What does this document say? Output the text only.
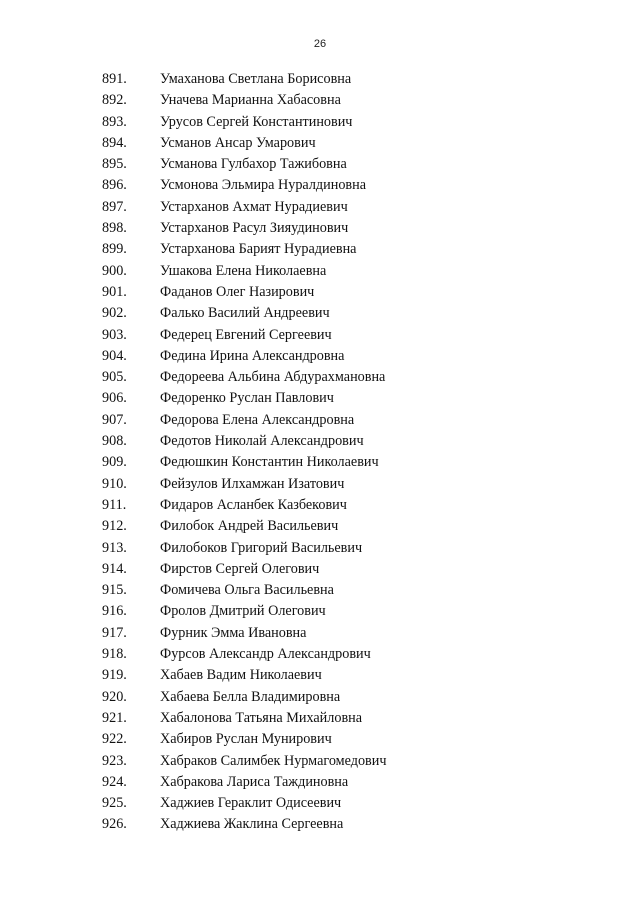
26
891. Умаханова Светлана Борисовна
892. Уначева Марианна Хабасовна
893. Урусов Сергей Константинович
894. Усманов Ансар Умарович
895. Усманова Гулбахор Тажибовна
896. Усмонова Эльмира Нуралдиновна
897. Устарханов Ахмат Нурадиевич
898. Устарханов Расул Зияудинович
899. Устарханова Барият Нурадиевна
900. Ушакова Елена Николаевна
901. Фаданов Олег Назирович
902. Фалько Василий Андреевич
903. Федерец Евгений Сергеевич
904. Федина Ирина Александровна
905. Федореева Альбина Абдурахмановна
906. Федоренко Руслан Павлович
907. Федорова Елена Александровна
908. Федотов Николай Александрович
909. Федюшкин Константин Николаевич
910. Фейзулов Илхамжан Изатович
911. Фидаров Асланбек Казбекович
912. Филобок Андрей Васильевич
913. Филобоков Григорий Васильевич
914. Фирстов Сергей Олегович
915. Фомичева Ольга Васильевна
916. Фролов Дмитрий Олегович
917. Фурник Эмма Ивановна
918. Фурсов Александр Александрович
919. Хабаев Вадим Николаевич
920. Хабаева Белла Владимировна
921. Хабалонова Татьяна Михайловна
922. Хабиров Руслан Мунирович
923. Хабраков Салимбек Нурмагомедович
924. Хабракова Лариса Таждиновна
925. Хаджиев Гераклит Одисеевич
926. Хаджиева Жаклина Сергеевна
